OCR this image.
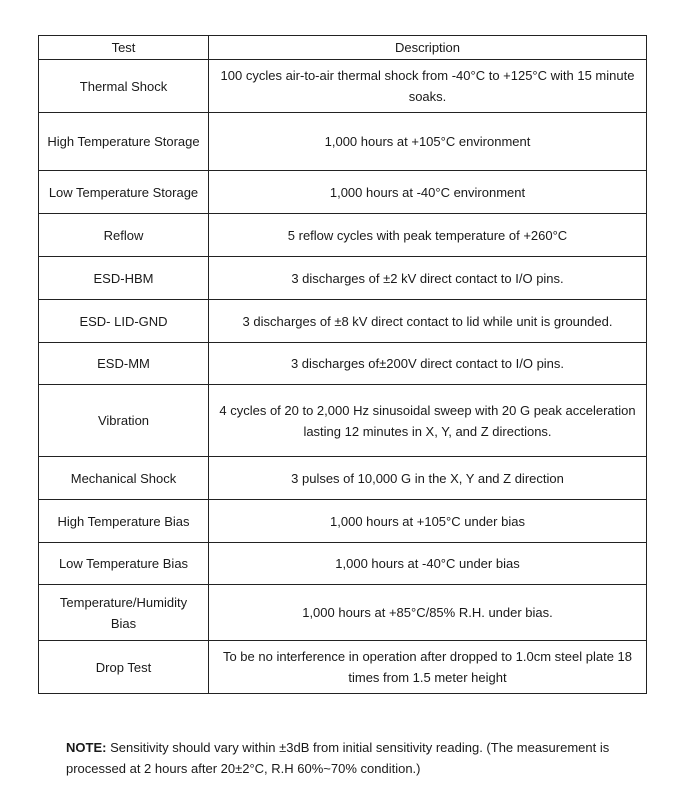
Test	Description
Thermal Shock	100 cycles air-to-air thermal shock from -40°C to +125°C with 15 minute soaks.
High Temperature Storage	1,000 hours at +105°C environment
Low Temperature Storage	1,000 hours at -40°C environment
Reflow	5 reflow cycles with peak temperature of +260°C
ESD-HBM	3 discharges of ±2 kV direct contact to I/O pins.
ESD- LID-GND	3 discharges of ±8 kV direct contact to lid while unit is grounded.
ESD-MM	3 discharges of±200V direct contact to I/O pins.
Vibration	4 cycles of 20 to 2,000 Hz sinusoidal sweep with 20 G peak acceleration lasting 12 minutes in X, Y, and Z directions.
Mechanical Shock	3 pulses of 10,000 G in the X, Y and Z direction
High Temperature Bias	1,000 hours at +105°C under bias
Low Temperature Bias	1,000 hours at -40°C under bias
Temperature/Humidity Bias	1,000 hours at +85°C/85% R.H. under bias.
Drop Test	To be no interference in operation after dropped to 1.0cm steel plate 18 times from 1.5 meter height
NOTE: Sensitivity should vary within ±3dB from initial sensitivity reading. (The measurement is processed at 2 hours after 20±2°C, R.H 60%~70% condition.)
